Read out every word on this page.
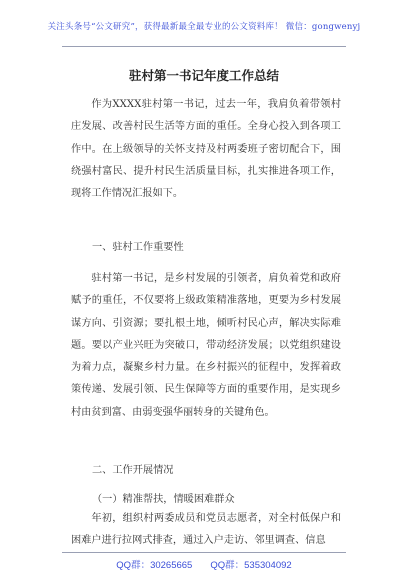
关注头条号“公文研究”，获得最新最全最专业的公文资料库！ 微信：gongwenyj
驻村第一书记年度工作总结

作为XXXX驻村第一书记，过去一年，我肩负着带领村庄发展、改善村民生活等方面的重任。全身心投入到各项工作中。在上级领导的关怀支持及村两委班子密切配合下，围绕强村富民、提升村民生活质量目标，扎实推进各项工作，现将工作情况汇报如下。

一、驻村工作重要性

驻村第一书记，是乡村发展的引领者，肩负着党和政府赋予的重任，不仅要将上级政策精准落地，更要为乡村发展谋方向、引资源；要扎根土地，倾听村民心声，解决实际难题。要以产业兴旺为突破口，带动经济发展；以党组织建设为着力点，凝聚乡村力量。在乡村振兴的征程中，发挥着政策传递、发展引领、民生保障等方面的重要作用，是实现乡村由贫到富、由弱变强华丽转身的关键角色。

二、工作开展情况

（一）精准帮扶，情暖困难群众

年初，组织村两委成员和党员志愿者，对全村低保户和困难户进行拉网式排查，通过入户走访、邻里调查、信息

QQ群：30265665 QQ群：535304092
